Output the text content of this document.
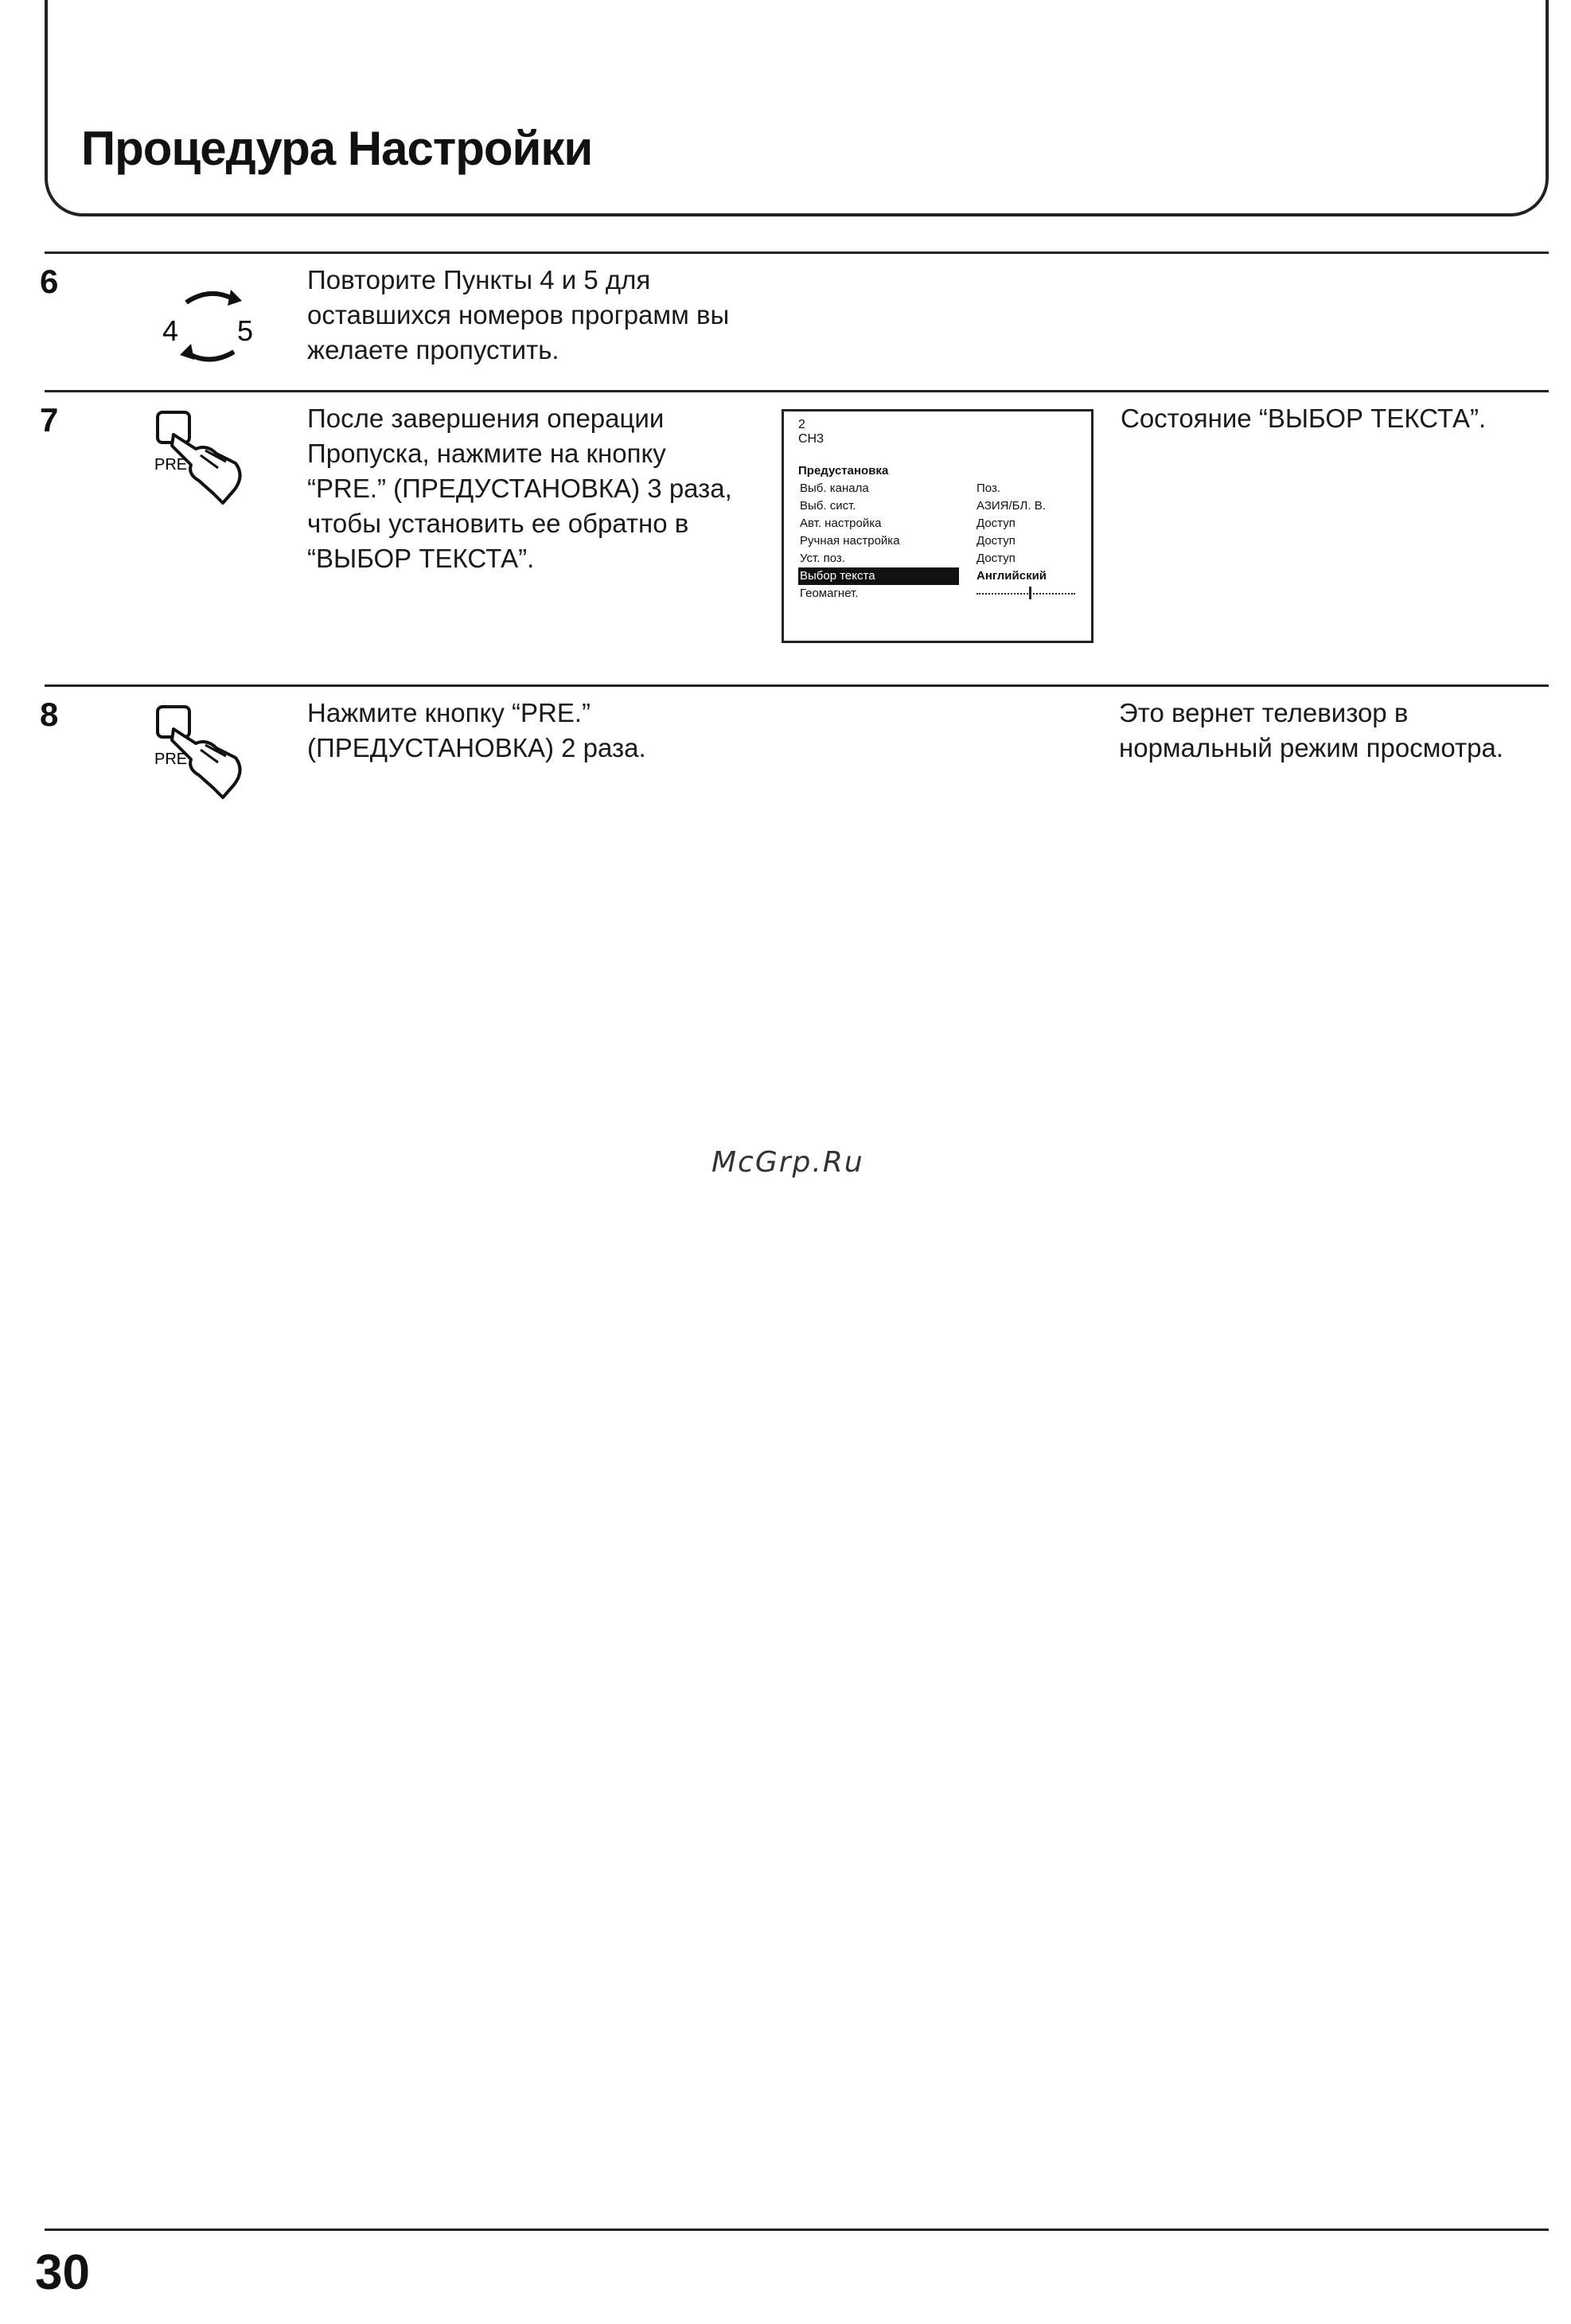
Процедура Настройки
6
4 5
Повторите Пункты 4 и 5 для
оставшихся номеров программ вы
желаете пропустить.
7
PRE
После завершения операции
Пропуска, нажмите на кнопку
“PRE.” (ПРЕДУСТАНОВКА) 3 раза,
чтобы установить ее обратно в
“ВЫБОР ТЕКСТА”.
2
CH3
Предустановка
Выб. канала	Поз.
Выб. сист.	АЗИЯ/БЛ. В.
Авт. настройка	Доступ
Ручная настройка	Доступ
Уст. поз.	Доступ
Выбор текста	Английский
Геомагнет.
Состояние “ВЫБОР ТЕКСТА”.
8
PRE
Нажмите кнопку “PRE.”
(ПРЕДУСТАНОВКА) 2 раза.
Это вернет телевизор в
нормальный режим просмотра.
McGrp.Ru
30
